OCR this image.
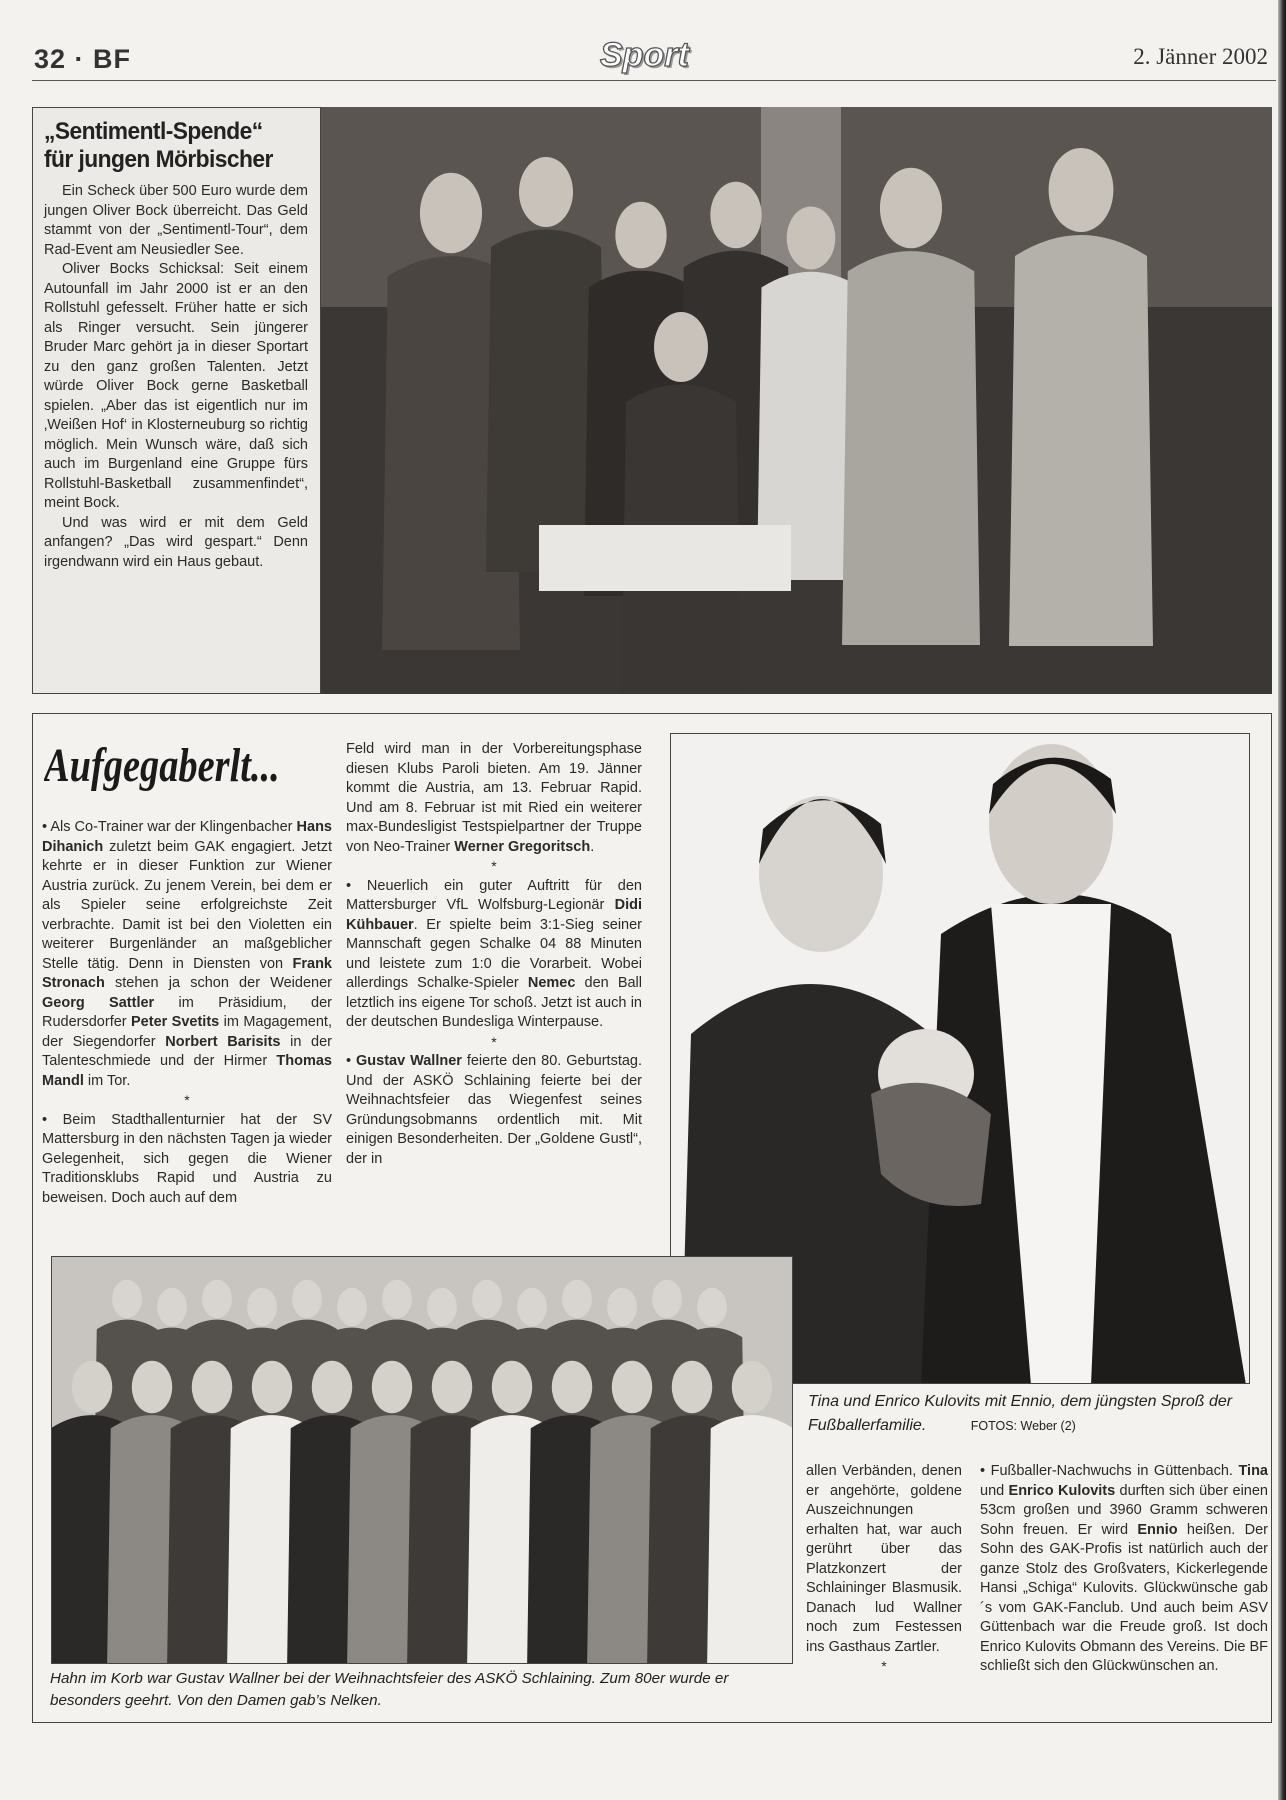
32 · BF	Sport	2. Jänner 2002
„Sentimentl-Spende“
für jungen Mörbischer

Ein Scheck über 500 Euro wurde dem jungen Oliver Bock überreicht. Das Geld stammt von der „Sentimentl-Tour“, dem Rad-Event am Neusiedler See.

Oliver Bocks Schicksal: Seit einem Autounfall im Jahr 2000 ist er an den Rollstuhl gefesselt. Früher hatte er sich als Ringer versucht. Sein jüngerer Bruder Marc gehört ja in dieser Sportart zu den ganz großen Talenten. Jetzt würde Oliver Bock gerne Basketball spielen. „Aber das ist eigentlich nur im ‚Weißen Hof‘ in Klosterneuburg so richtig möglich. Mein Wunsch wäre, daß sich auch im Burgenland eine Gruppe fürs Rollstuhl-Basketball zusammenfindet“, meint Bock.

Und was wird er mit dem Geld anfangen? „Das wird gespart.“ Denn irgendwann wird ein Haus gebaut.

Aufgegaberlt...

• Als Co-Trainer war der Klingenbacher Hans Dihanich zuletzt beim GAK engagiert. Jetzt kehrte er in dieser Funktion zur Wiener Austria zurück. Zu jenem Verein, bei dem er als Spieler seine erfolgreichste Zeit verbrachte. Damit ist bei den Violetten ein weiterer Burgenländer an maßgeblicher Stelle tätig. Denn in Diensten von Frank Stronach stehen ja schon der Weidener Georg Sattler im Präsidium, der Rudersdorfer Peter Svetits im Magagement, der Siegendorfer Norbert Barisits in der Talenteschmiede und der Hirmer Thomas Mandl im Tor.

*

• Beim Stadthallenturnier hat der SV Mattersburg in den nächsten Tagen ja wieder Gelegenheit, sich gegen die Wiener Traditionsklubs Rapid und Austria zu beweisen. Doch auch auf dem

Feld wird man in der Vorbereitungsphase diesen Klubs Paroli bieten. Am 19. Jänner kommt die Austria, am 13. Februar Rapid. Und am 8. Februar ist mit Ried ein weiterer max-Bundesligist Testspielpartner der Truppe von Neo-Trainer Werner Gregoritsch.

*

• Neuerlich ein guter Auftritt für den Mattersburger VfL Wolfsburg-Legionär Didi Kühbauer. Er spielte beim 3:1-Sieg seiner Mannschaft gegen Schalke 04 88 Minuten und leistete zum 1:0 die Vorarbeit. Wobei allerdings Schalke-Spieler Nemec den Ball letztlich ins eigene Tor schoß. Jetzt ist auch in der deutschen Bundesliga Winterpause.

*

• Gustav Wallner feierte den 80. Geburtstag. Und der ASKÖ Schlaining feierte bei der Weihnachtsfeier das Wiegenfest seines Gründungsobmanns ordentlich mit. Mit einigen Besonderheiten. Der „Goldene Gustl“, der in

Tina und Enrico Kulovits mit Ennio, dem jüngsten Sproß der Fußballerfamilie.	FOTOS: Weber (2)
Hahn im Korb war Gustav Wallner bei der Weihnachtsfeier des ASKÖ Schlaining. Zum 80er wurde er besonders geehrt. Von den Damen gab’s Nelken.

allen Verbänden, denen er angehörte, goldene Auszeichnungen erhalten hat, war auch gerührt über das Platzkonzert der Schlaininger Blasmusik. Danach lud Wallner noch zum Festessen ins Gasthaus Zartler.

*

• Fußballer-Nachwuchs in Güttenbach. Tina und Enrico Kulovits durften sich über einen 53cm großen und 3960 Gramm schweren Sohn freuen. Er wird Ennio heißen. Der Sohn des GAK-Profis ist natürlich auch der ganze Stolz des Großvaters, Kickerlegende Hansi „Schiga“ Kulovits. Glückwünsche gab´s vom GAK-Fanclub. Und auch beim ASV Güttenbach war die Freude groß. Ist doch Enrico Kulovits Obmann des Vereins. Die BF schließt sich den Glückwünschen an.
